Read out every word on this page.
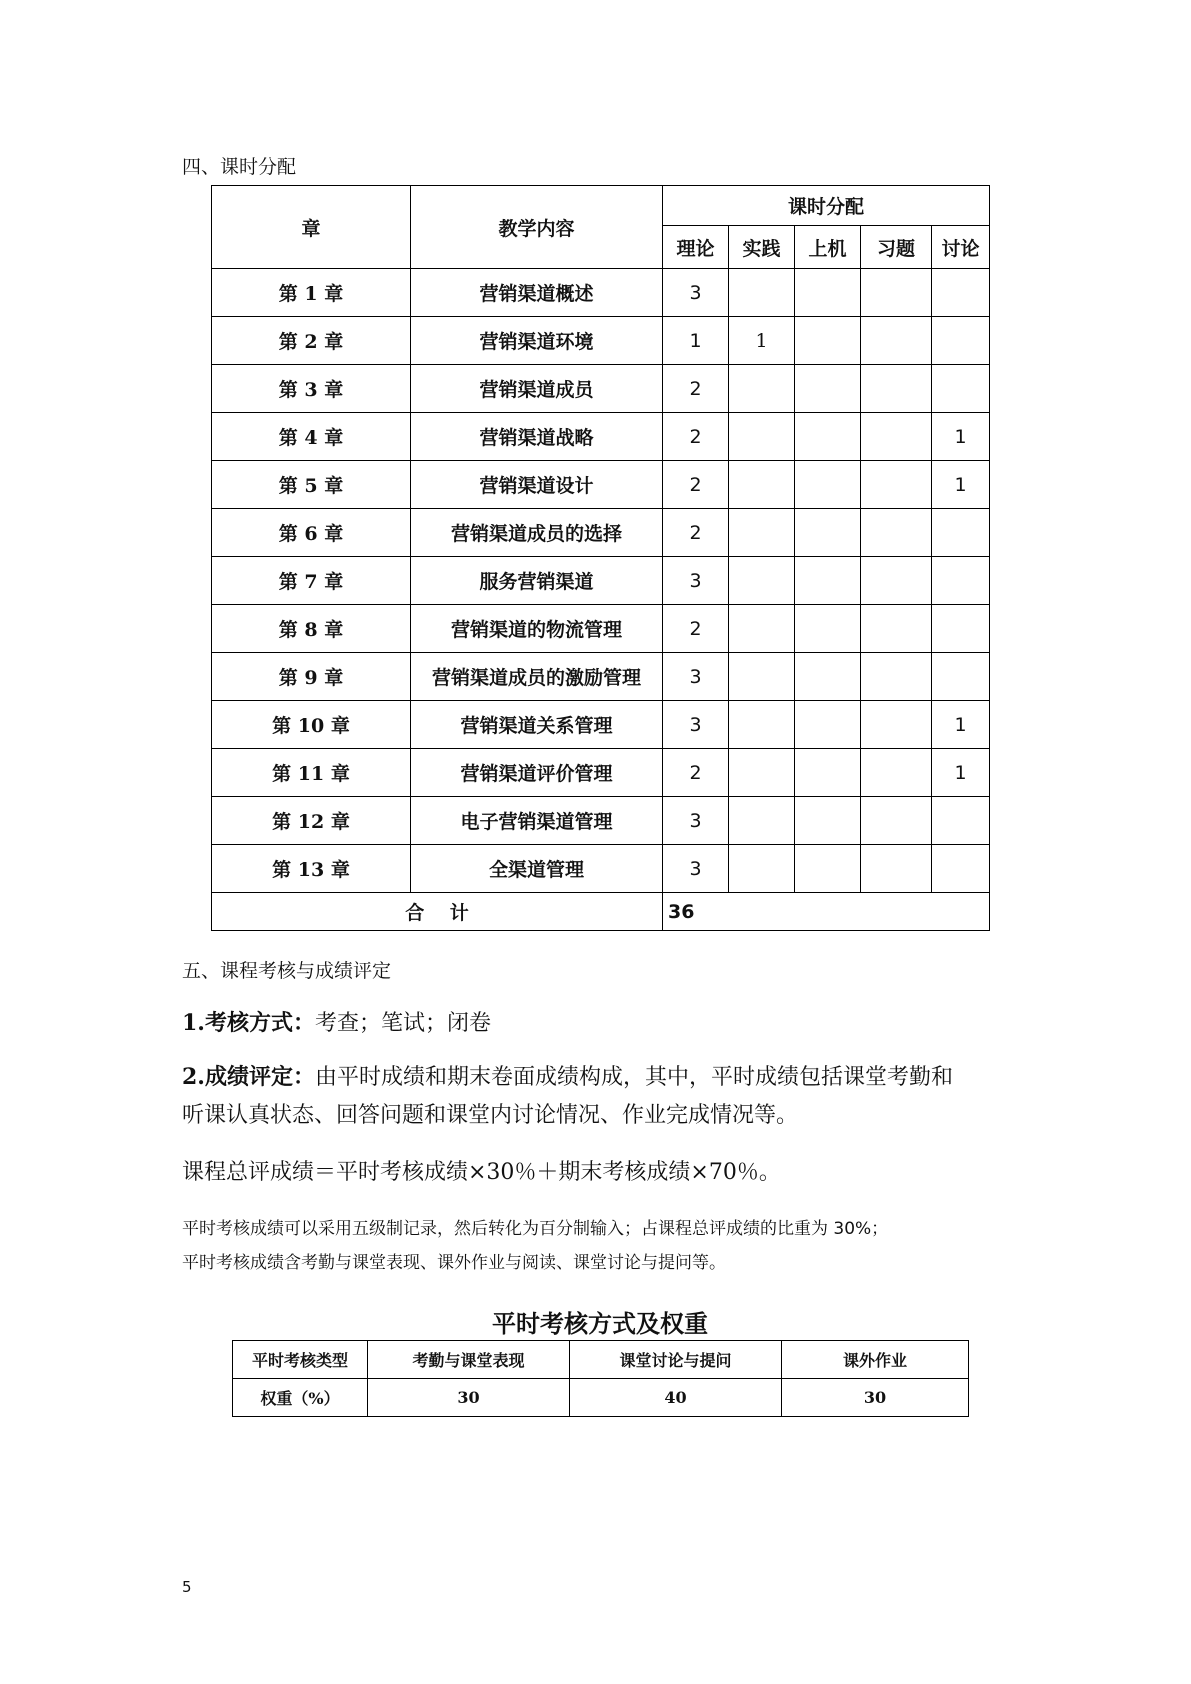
四、课时分配
章	教学内容	课时分配				
		理论	实践	上机	习题	讨论
第 1 章	营销渠道概述	3				
第 2 章	营销渠道环境	1	1			
第 3 章	营销渠道成员	2				
第 4 章	营销渠道战略	2				1
第 5 章	营销渠道设计	2				1
第 6 章	营销渠道成员的选择	2				
第 7 章	服务营销渠道	3				
第 8 章	营销渠道的物流管理	2				
第 9 章	营销渠道成员的激励管理	3				
第 10 章	营销渠道关系管理	3				1
第 11 章	营销渠道评价管理	2				1
第 12 章	电子营销渠道管理	3				
第 13 章	全渠道管理	3				
合　 计		36				
五、课程考核与成绩评定
1.考核方式：考查；笔试；闭卷
2.成绩评定：由平时成绩和期末卷面成绩构成，其中，平时成绩包括课堂考勤和
听课认真状态、回答问题和课堂内讨论情况、作业完成情况等。
课程总评成绩＝平时考核成绩×30％＋期末考核成绩×70％。
平时考核成绩可以采用五级制记录，然后转化为百分制输入；占课程总评成绩的比重为 30%；
平时考核成绩含考勤与课堂表现、课外作业与阅读、课堂讨论与提问等。
平时考核方式及权重
平时考核类型	考勤与课堂表现	课堂讨论与提问	课外作业
权重（%）	30	40	30
5
